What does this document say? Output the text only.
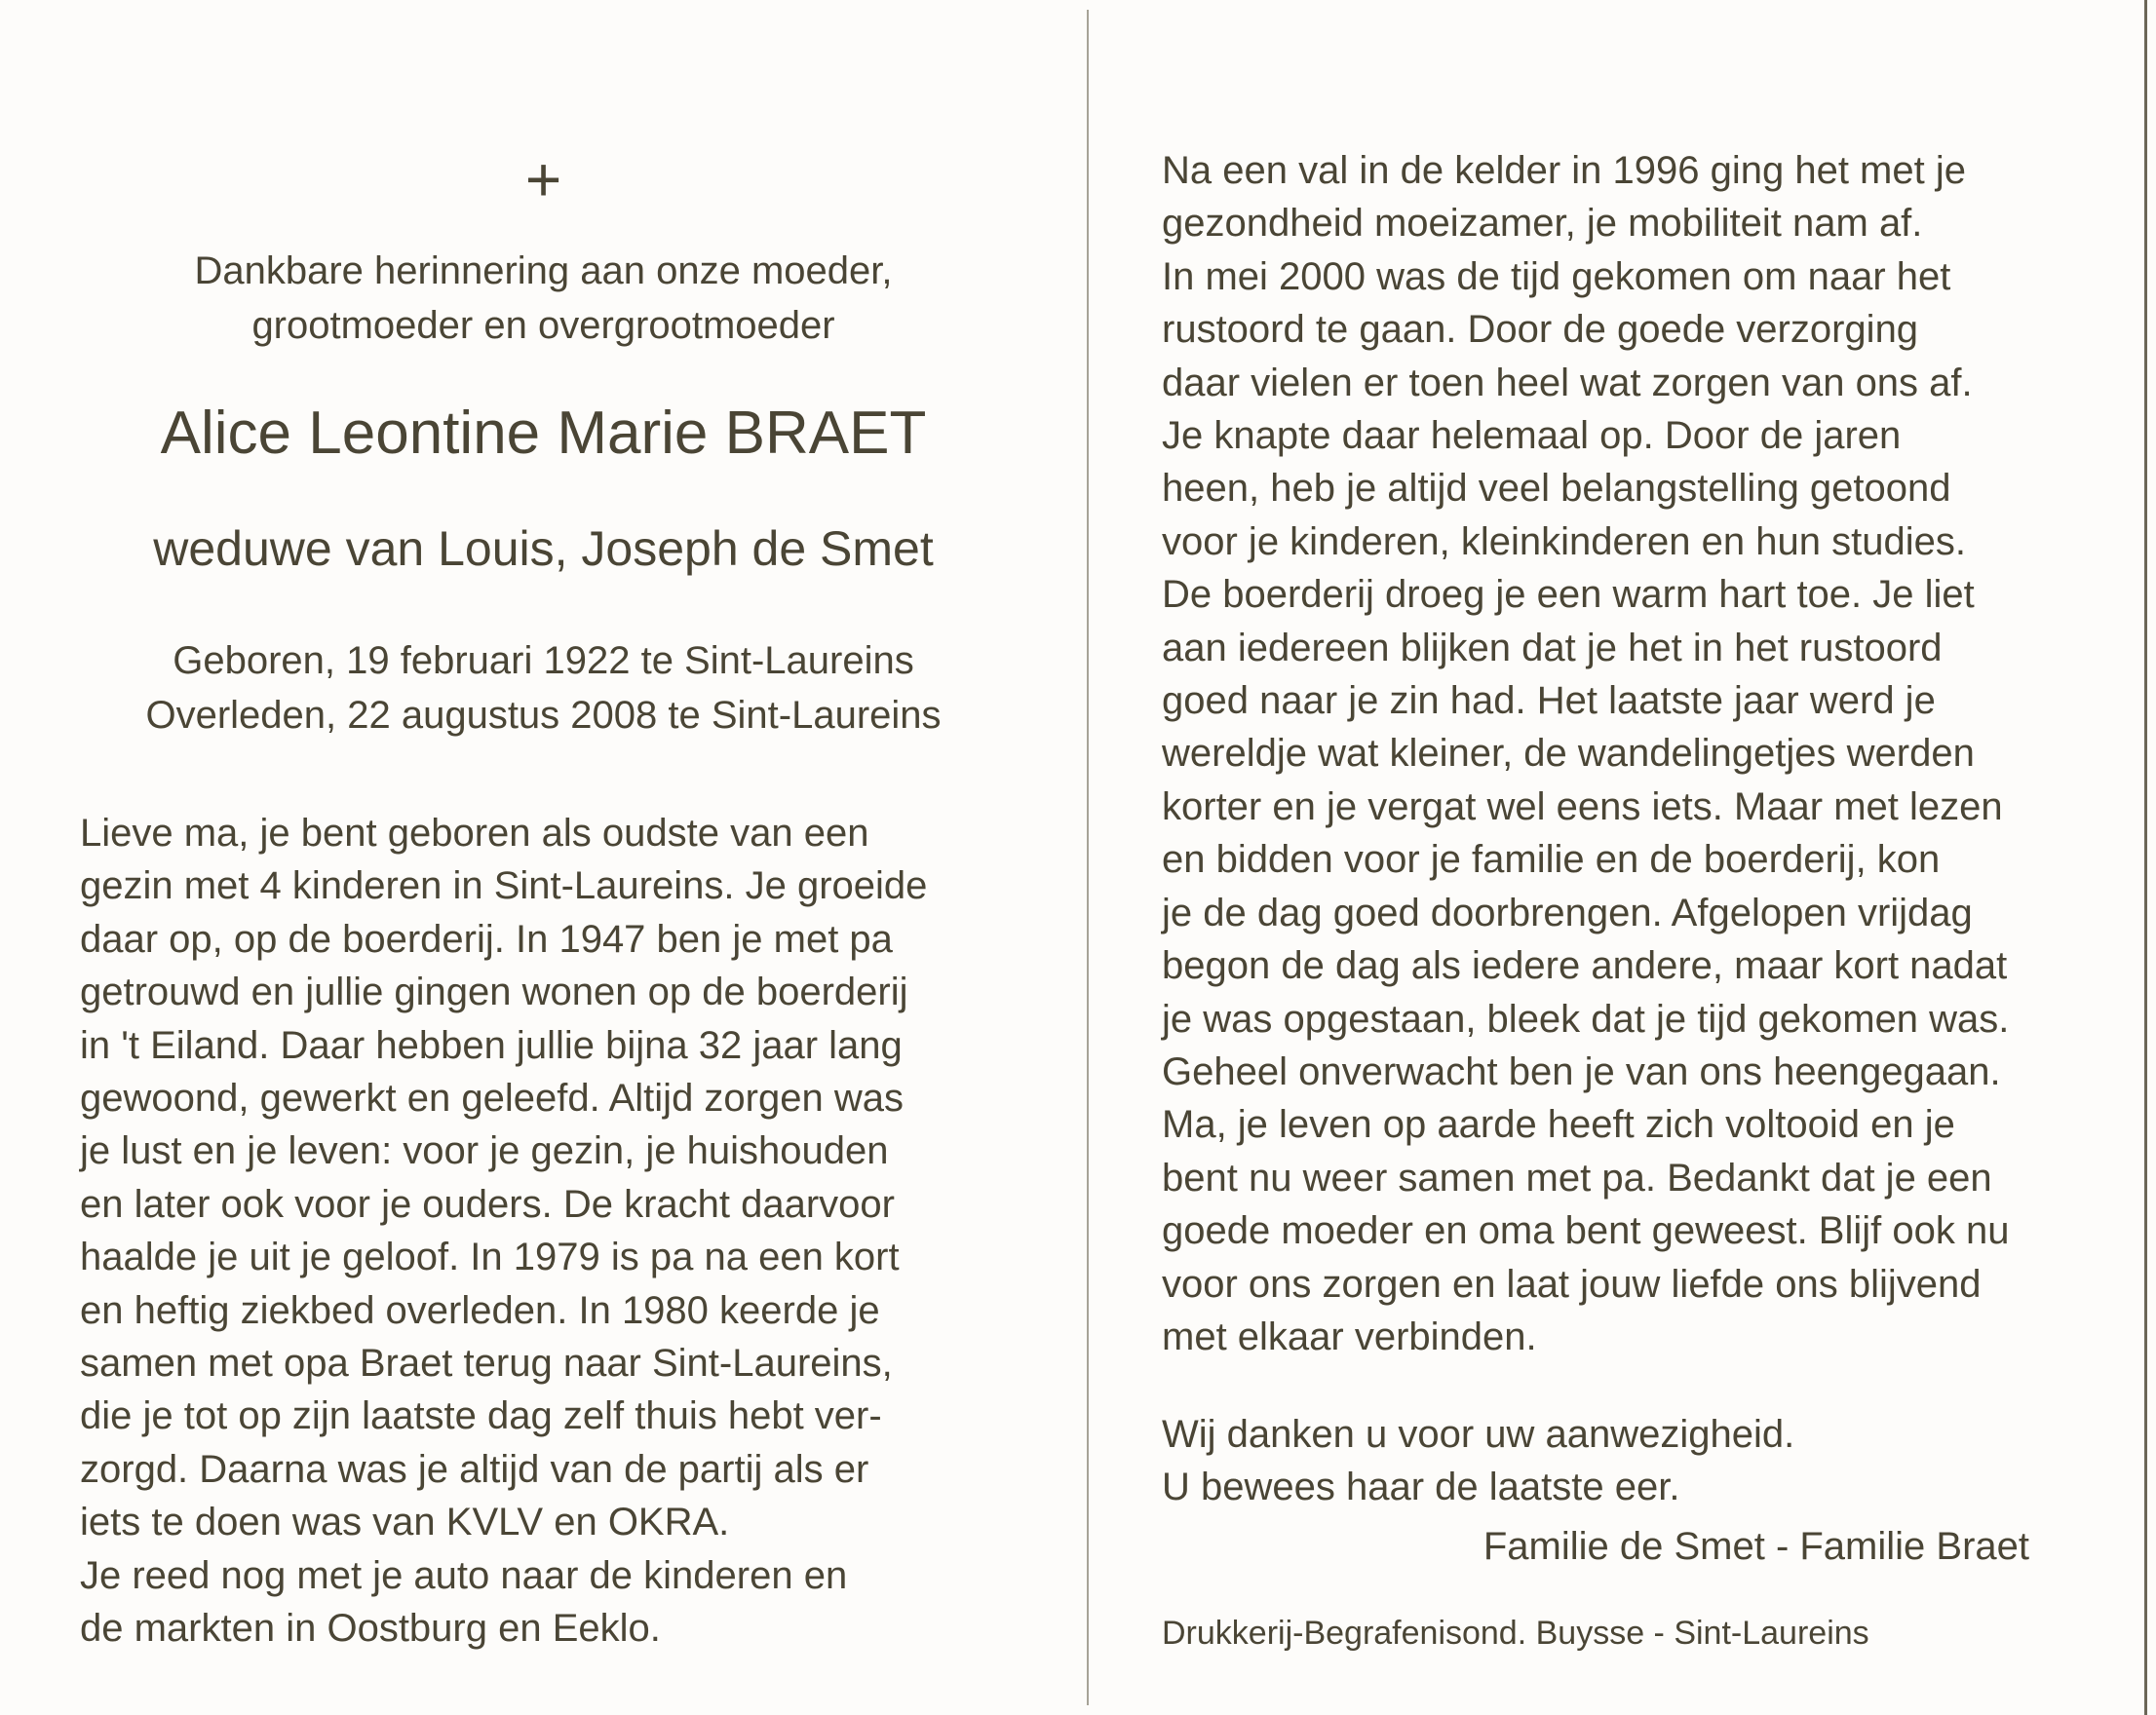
+
Dankbare herinnering aan onze moeder,
grootmoeder en overgrootmoeder
Alice Leontine Marie BRAET
weduwe van Louis, Joseph de Smet
Geboren, 19 februari 1922 te Sint-Laureins
Overleden, 22 augustus 2008 te Sint-Laureins
Lieve ma, je bent geboren als oudste van een
gezin met 4 kinderen in Sint-Laureins. Je groeide
daar op, op de boerderij. In 1947 ben je met pa
getrouwd en jullie gingen wonen op de boerderij
in 't Eiland. Daar hebben jullie bijna 32 jaar lang
gewoond, gewerkt en geleefd. Altijd zorgen was
je lust en je leven: voor je gezin, je huishouden
en later ook voor je ouders. De kracht daarvoor
haalde je uit je geloof. In 1979 is pa na een kort
en heftig ziekbed overleden. In 1980 keerde je
samen met opa Braet terug naar Sint-Laureins,
die je tot op zijn laatste dag zelf thuis hebt ver-
zorgd. Daarna was je altijd van de partij als er
iets te doen was van KVLV en OKRA.
Je reed nog met je auto naar de kinderen en
de markten in Oostburg en Eeklo.
Na een val in de kelder in 1996 ging het met je
gezondheid moeizamer, je mobiliteit nam af.
In mei 2000 was de tijd gekomen om naar het
rustoord te gaan. Door de goede verzorging
daar vielen er toen heel wat zorgen van ons af.
Je knapte daar helemaal op. Door de jaren
heen, heb je altijd veel belangstelling getoond
voor je kinderen, kleinkinderen en hun studies.
De boerderij droeg je een warm hart toe. Je liet
aan iedereen blijken dat je het in het rustoord
goed naar je zin had. Het laatste jaar werd je
wereldje wat kleiner, de wandelingetjes werden
korter en je vergat wel eens iets. Maar met lezen
en bidden voor je familie en de boerderij, kon
je de dag goed doorbrengen. Afgelopen vrijdag
begon de dag als iedere andere, maar kort nadat
je was opgestaan, bleek dat je tijd gekomen was.
Geheel onverwacht ben je van ons heengegaan.
Ma, je leven op aarde heeft zich voltooid en je
bent nu weer samen met pa. Bedankt dat je een
goede moeder en oma bent geweest. Blijf ook nu
voor ons zorgen en laat jouw liefde ons blijvend
met elkaar verbinden.
Wij danken u voor uw aanwezigheid.
U bewees haar de laatste eer.
Familie de Smet - Familie Braet
Drukkerij-Begrafenisond. Buysse - Sint-Laureins
